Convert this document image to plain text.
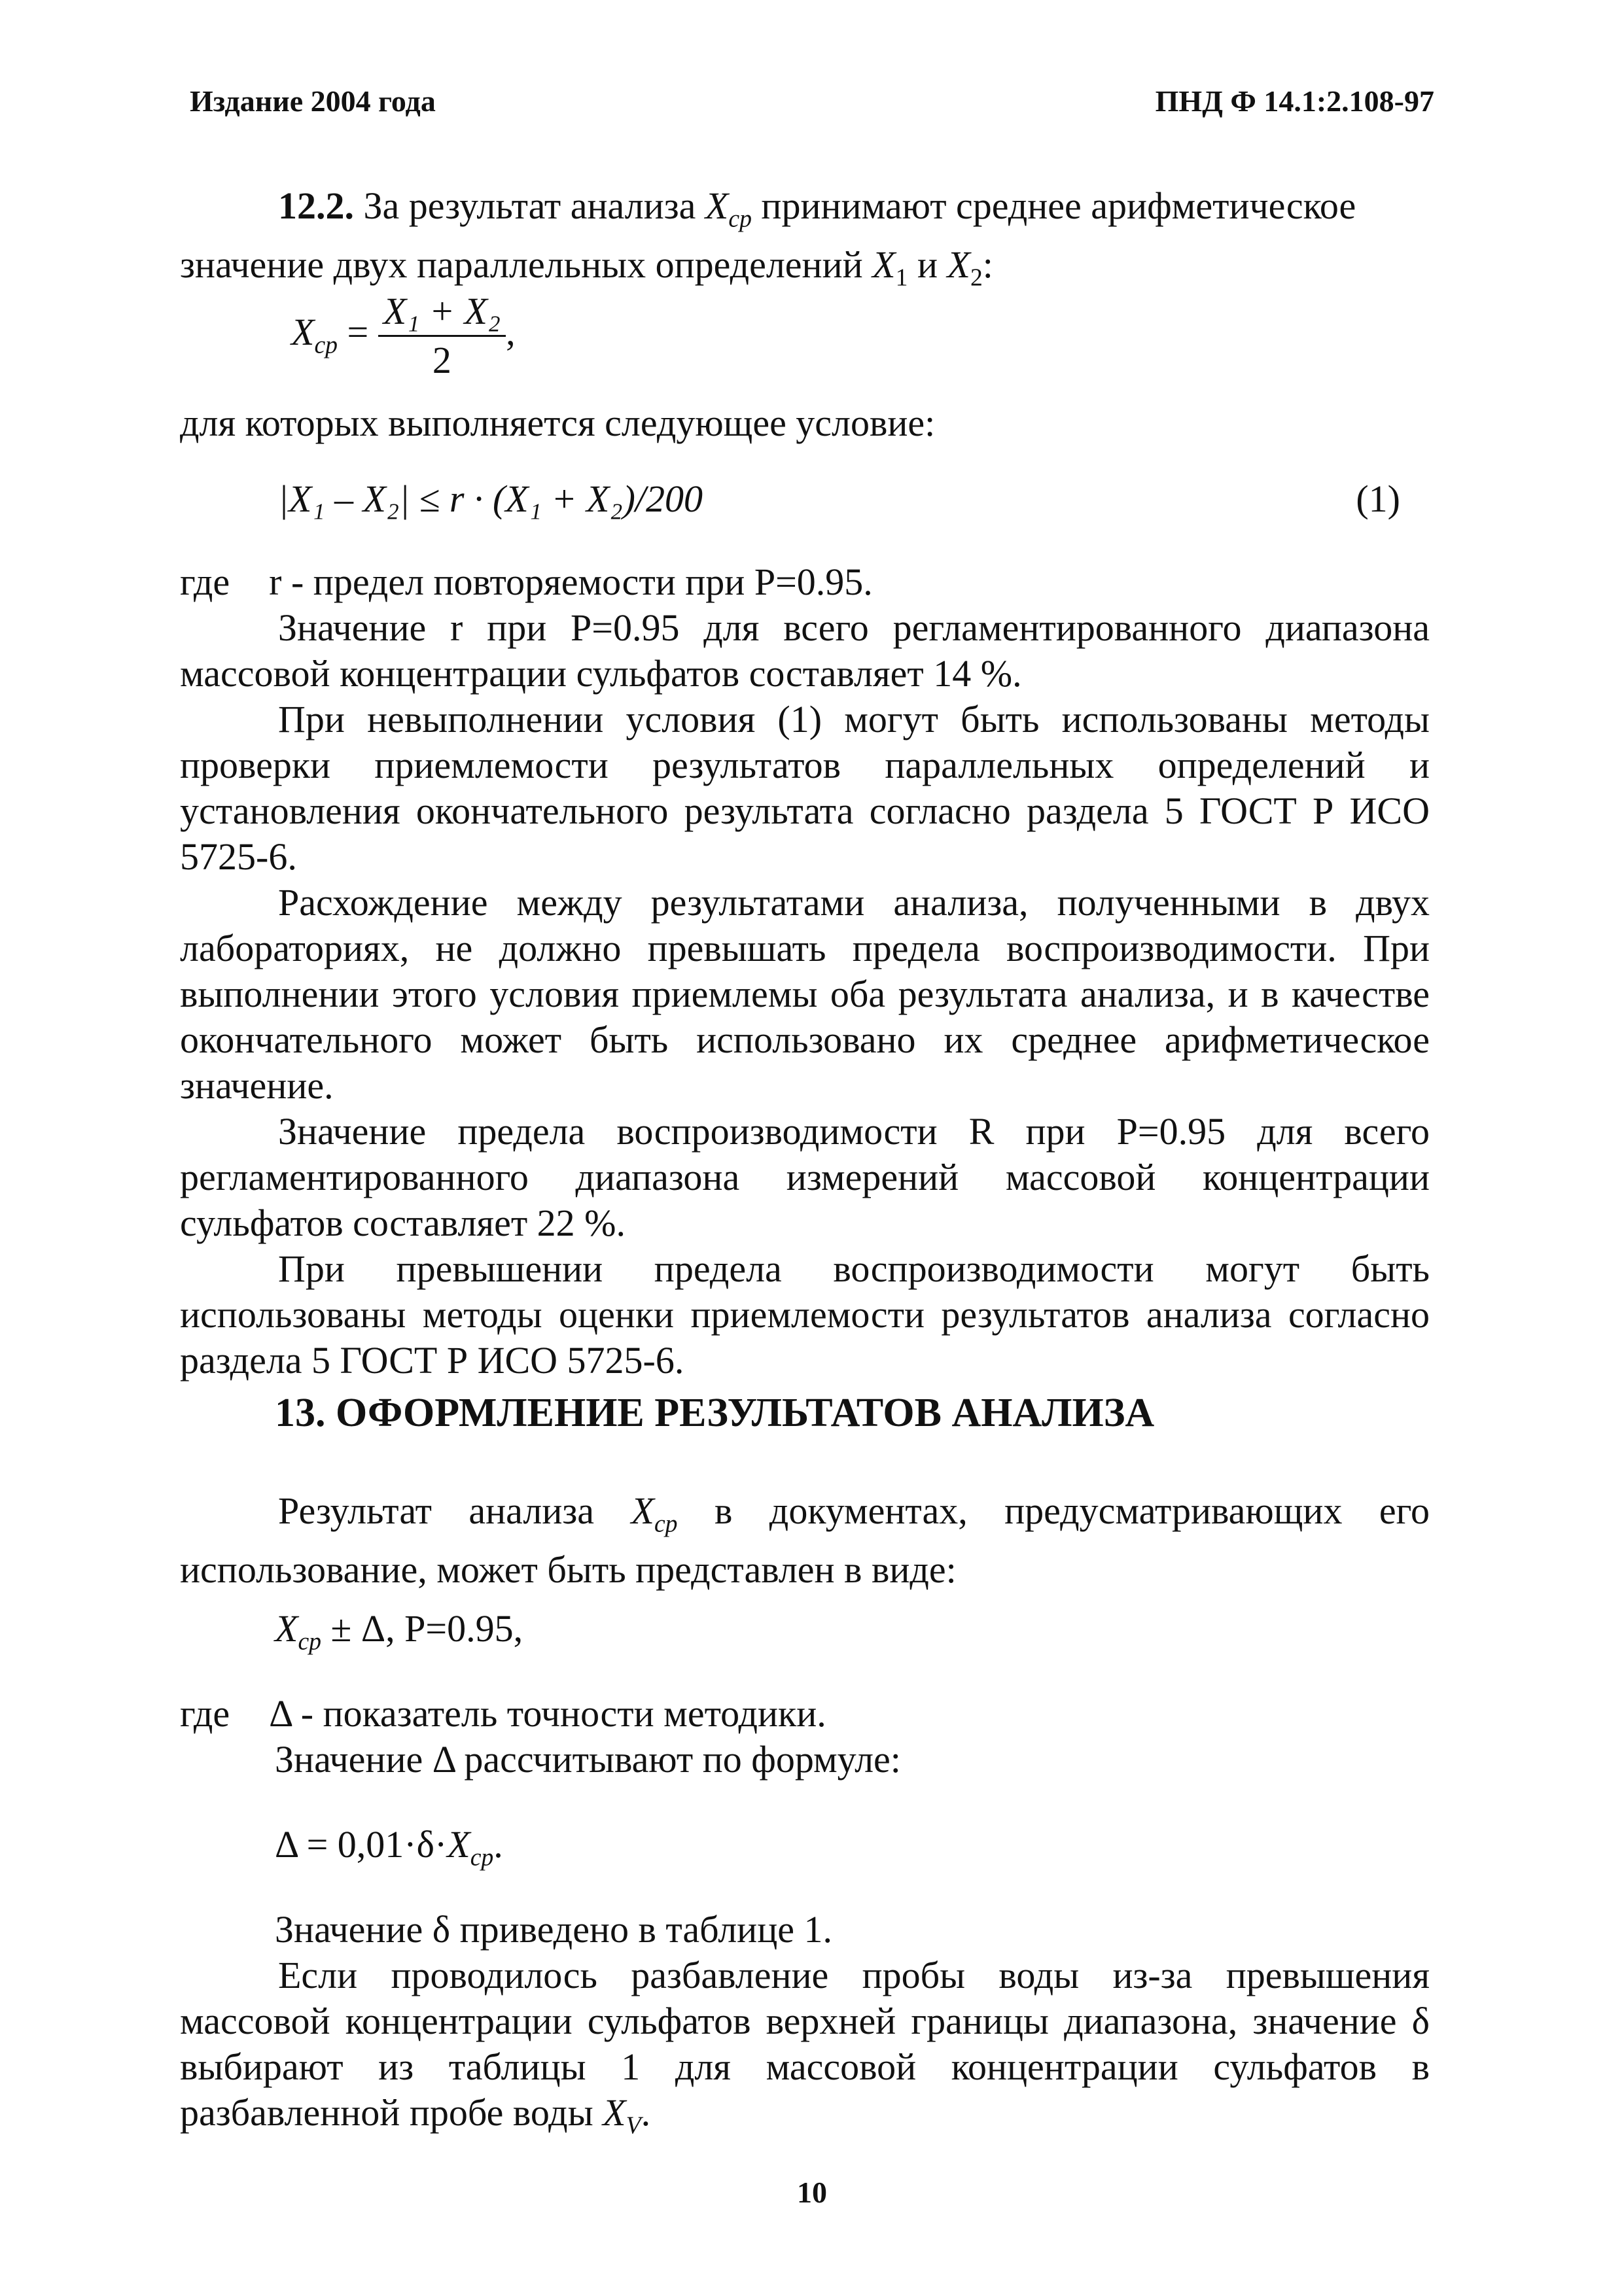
Издание 2004 года	ПНД Ф 14.1:2.108-97

12.2. За результат анализа $X_{ср}$ принимают среднее арифметическое

значение двух параллельных определений $X_1$ и $X_2$:

$X_{ср} = \frac{\text{X₁ + X₂}}{2}$ ,
для которых выполняется следующее условие:
|X₁ – X₂| ≤ r · (X₁ + X₂)/200	(1)
где r - предел повторяемости при P=0.95.

Значение r при P=0.95 для всего регламентированного диапазона массовой концентрации сульфатов составляет 14 %.

При невыполнении условия (1) могут быть использованы методы проверки приемлемости результатов параллельных определений и установления окончательного результата согласно раздела 5 ГОСТ Р ИСО 5725-6.

Расхождение между результатами анализа, полученными в двух лабораториях, не должно превышать предела воспроизводимости. При выполнении этого условия приемлемы оба результата анализа, и в качестве окончательного может быть использовано их среднее арифметическое значение.

Значение предела воспроизводимости R при P=0.95 для всего регламентированного диапазона измерений массовой концентрации сульфатов составляет 22 %.

При превышении предела воспроизводимости могут быть использованы методы оценки приемлемости результатов анализа согласно раздела 5 ГОСТ Р ИСО 5725-6.

13. ОФОРМЛЕНИЕ РЕЗУЛЬТАТОВ АНАЛИЗА

Результат анализа $X_{ср}$ в документах, предусматривающих его использование, может быть представлен в виде:

$X_{ср} \pm \Delta$, P=0.95,
где Δ - показатель точности методики.
Значение Δ рассчитывают по формуле:
$\Delta = 0,01\cdot\delta\cdot X_{ср}$.
Значение δ приведено в таблице 1.

Если проводилось разбавление пробы воды из-за превышения массовой концентрации сульфатов верхней границы диапазона, значение δ выбирают из таблицы 1 для массовой концентрации сульфатов в разбавленной пробе воды $X_V$.

10
